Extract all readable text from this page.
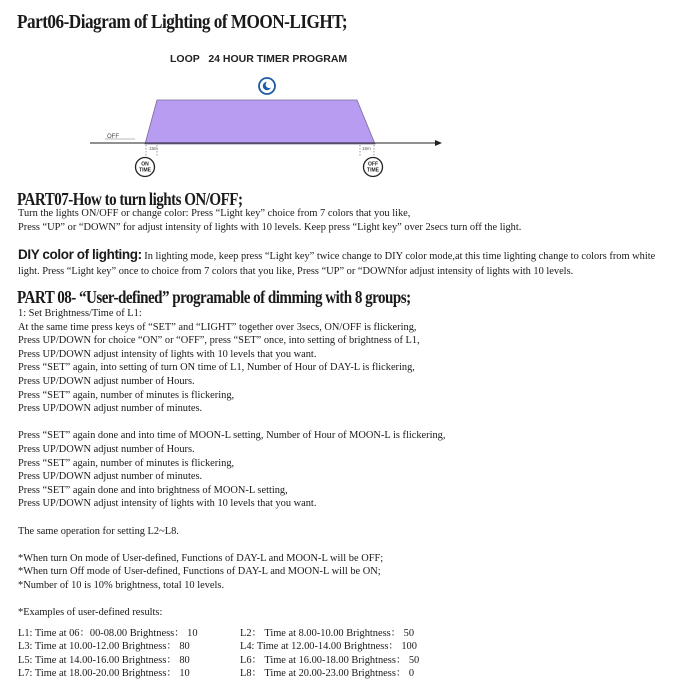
Part06-Diagram of Lighting of MOON-LIGHT;
LOOP   24 HOUR TIMER PROGRAM
OFF
15m	15m
ON
TIME
OFF
TIME
PART07-How to turn lights ON/OFF;
Turn the lights ON/OFF or change color: Press “Light key” choice from 7 colors that you like,
Press “UP” or “DOWN” for adjust intensity of lights with 10 levels. Keep press “Light key” over 2secs turn off the light.
DIY color of lighting: In lighting mode, keep press “Light key” twice change to DIY color mode,at this time lighting change to colors from white
light. Press “Light key” once to choice from 7 colors that you like, Press “UP” or “DOWNfor adjust intensity of lights with 10 levels.
PART 08- “User-defined” programable of dimming with 8 groups;
1: Set Brightness/Time of L1:
At the same time press keys of “SET” and “LIGHT” together over 3secs, ON/OFF is flickering,
Press UP/DOWN for choice “ON” or “OFF”, press “SET” once, into setting of brightness of L1,
Press UP/DOWN adjust intensity of lights with 10 levels that you want.
Press “SET” again, into setting of turn ON time of L1, Number of Hour of DAY-L is flickering,
Press UP/DOWN adjust number of Hours.
Press “SET” again, number of minutes is flickering,
Press UP/DOWN adjust number of minutes.
Press “SET” again done and into time of MOON-L setting, Number of Hour of MOON-L is flickering,
Press UP/DOWN adjust number of Hours.
Press “SET” again, number of minutes is flickering,
Press UP/DOWN adjust number of minutes.
Press “SET” again done and into brightness of MOON-L setting,
Press UP/DOWN adjust intensity of lights with 10 levels that you want.
The same operation for setting L2~L8.
*When turn On mode of User-defined, Functions of DAY-L and MOON-L will be OFF;
*When turn Off mode of User-defined, Functions of DAY-L and MOON-L will be ON;
*Number of 10 is 10% brightness, total 10 levels.
*Examples of user-defined results:
L1: Time at 06：00-08.00 Brightness： 10	L2： Time at 8.00-10.00 Brightness： 50
L3: Time at 10.00-12.00 Brightness： 80	L4: Time at 12.00-14.00 Brightness： 100
L5: Time at 14.00-16.00 Brightness： 80	L6： Time at 16.00-18.00 Brightness： 50
L7: Time at 18.00-20.00 Brightness： 10	L8： Time at 20.00-23.00 Brightness： 0
